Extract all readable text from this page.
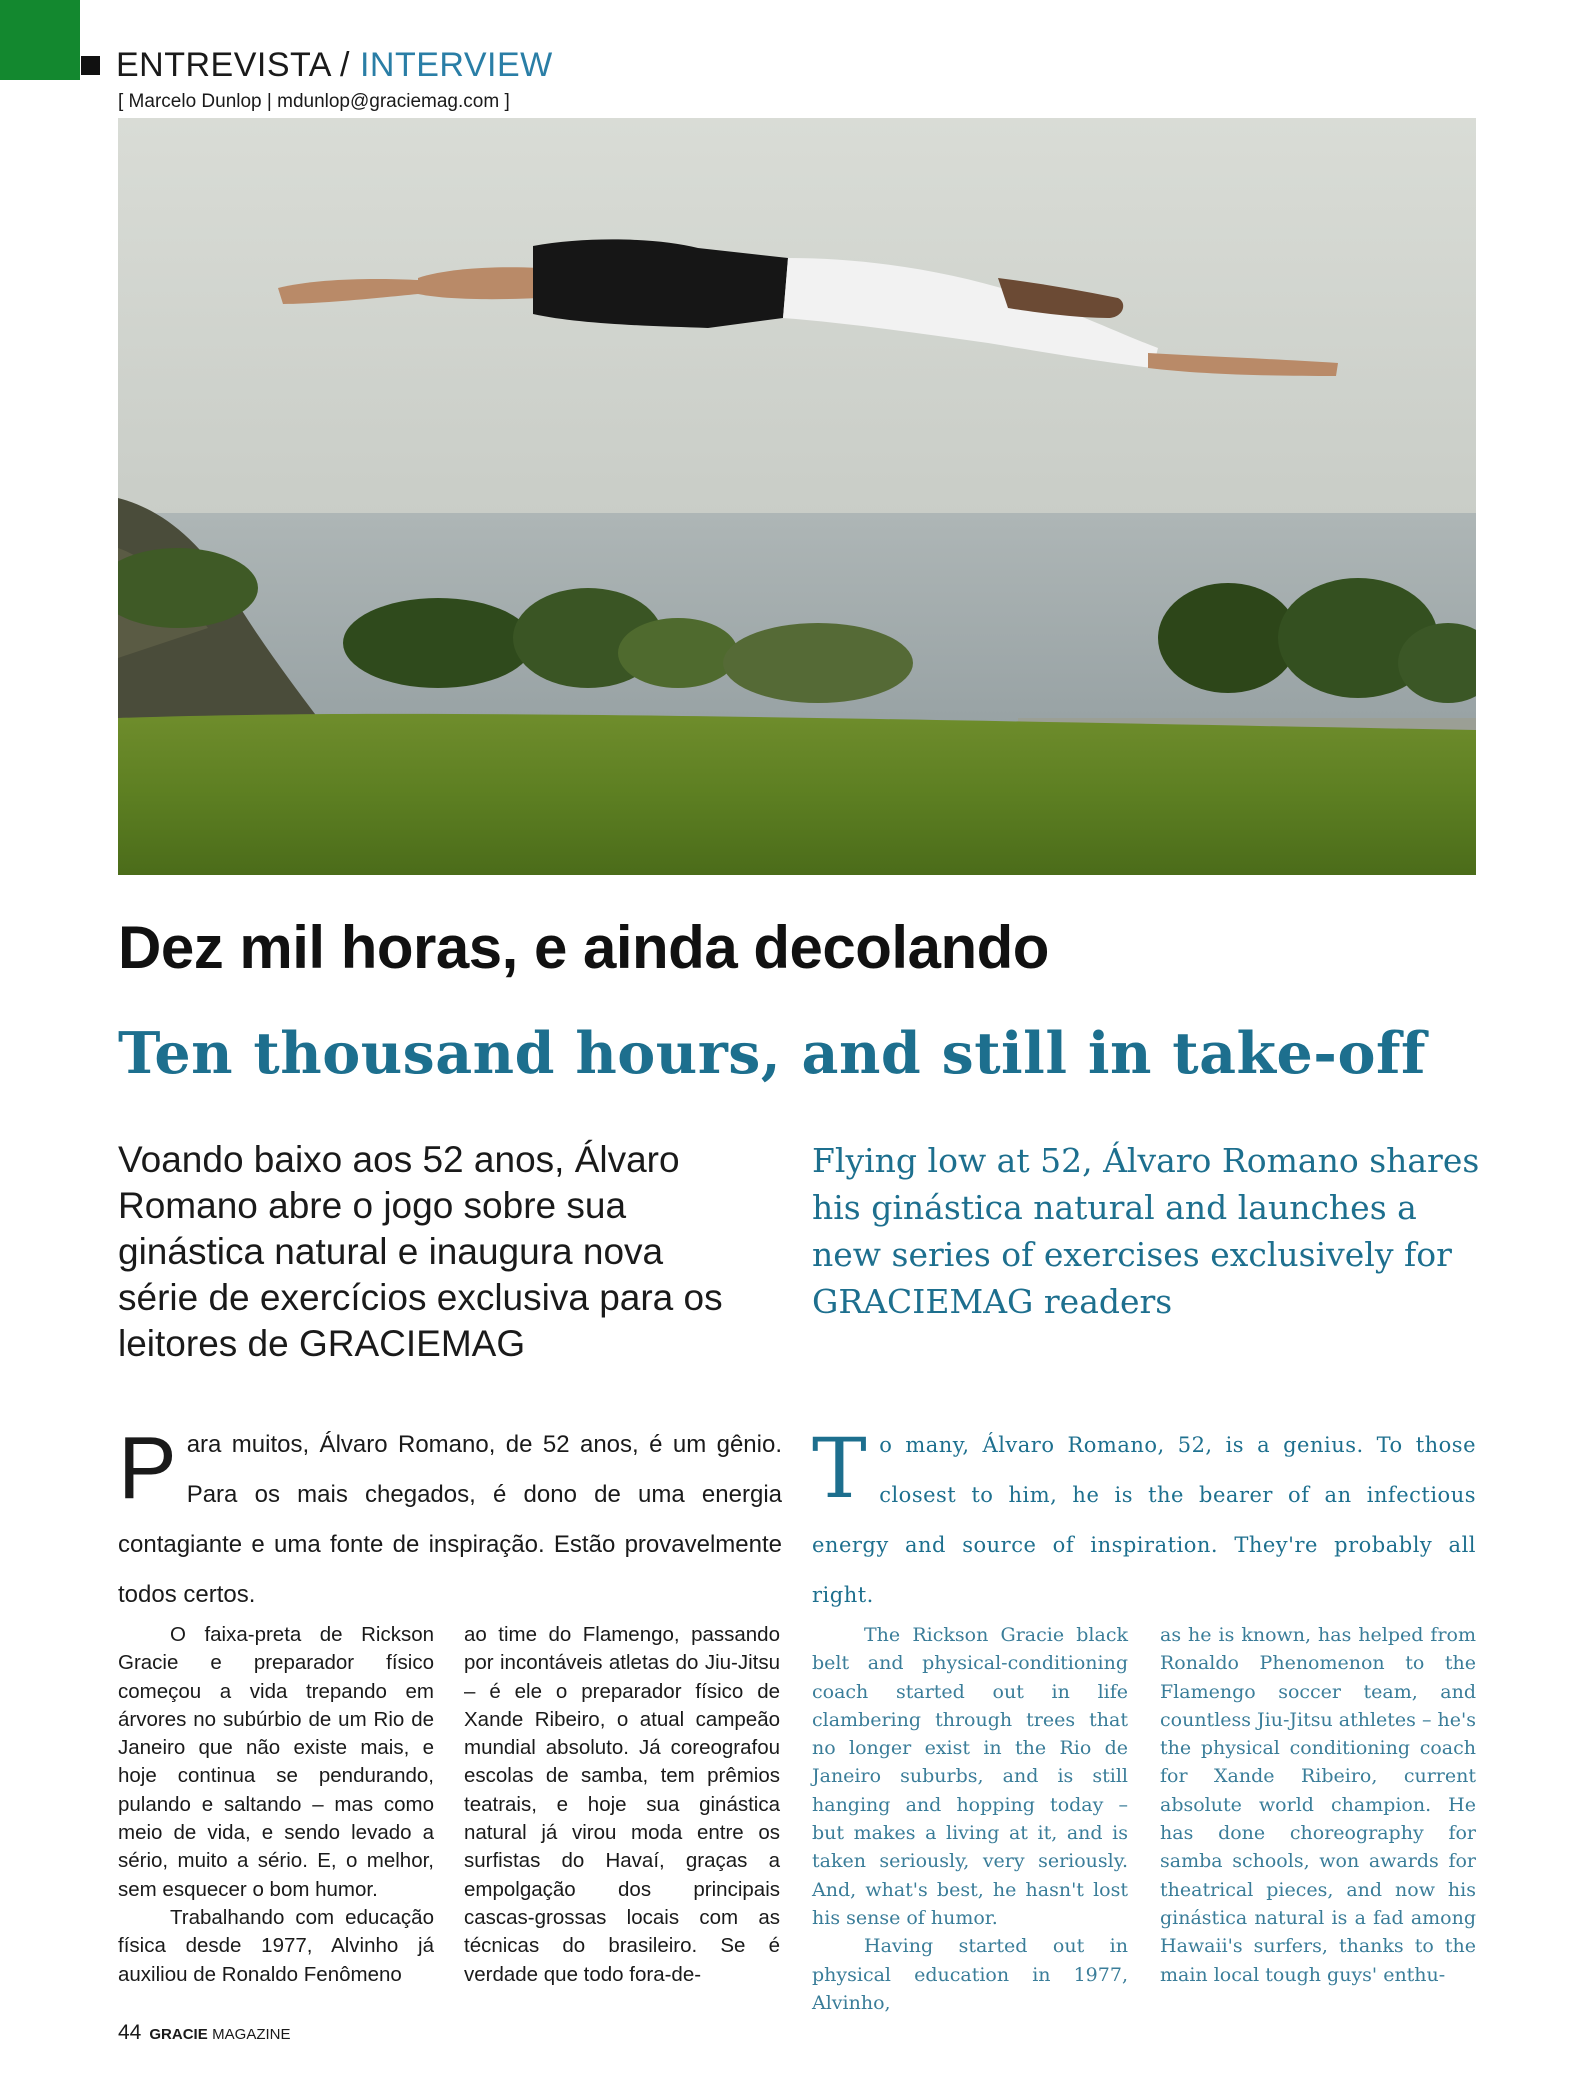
ENTREVISTA / INTERVIEW
[ Marcelo Dunlop | mdunlop@graciemag.com ]
Dez mil horas, e ainda decolando
Ten thousand hours, and still in take-off
Voando baixo aos 52 anos, Álvaro Romano abre o jogo sobre sua ginástica natural e inaugura nova série de exercícios exclusiva para os leitores de GRACIEMAG
Flying low at 52, Álvaro Romano shares his ginástica natural and launches a new series of exercises exclusively for GRACIEMAG readers
Para muitos, Álvaro Romano, de 52 anos, é um gênio. Para os mais chegados, é dono de uma energia contagiante e uma fonte de inspiração. Estão provavelmente todos certos.
To many, Álvaro Romano, 52, is a genius. To those closest to him, he is the bearer of an infectious energy and source of inspiration. They're probably all right.

O faixa-preta de Rickson Gracie e preparador físico começou a vida trepando em árvores no subúrbio de um Rio de Janeiro que não existe mais, e hoje continua se pendurando, pulando e saltando – mas como meio de vida, e sendo levado a sério, muito a sério. E, o melhor, sem esquecer o bom humor.

Trabalhando com educação física desde 1977, Alvinho já auxiliou de Ronaldo Fenômeno

ao time do Flamengo, passando por incontáveis atletas do Jiu-Jitsu – é ele o preparador físico de Xande Ribeiro, o atual campeão mundial absoluto. Já coreografou escolas de samba, tem prêmios teatrais, e hoje sua ginástica natural já virou moda entre os surfistas do Havaí, graças a empolgação dos principais cascas-grossas locais com as técnicas do brasileiro. Se é verdade que todo fora-de-

The Rickson Gracie black belt and physical-conditioning coach started out in life clambering through trees that no longer exist in the Rio de Janeiro suburbs, and is still hanging and hopping today – but makes a living at it, and is taken seriously, very seriously. And, what's best, he hasn't lost his sense of humor.

Having started out in physical education in 1977, Alvinho,

as he is known, has helped from Ronaldo Phenomenon to the Flamengo soccer team, and countless Jiu-Jitsu athletes – he's the physical conditioning coach for Xande Ribeiro, current absolute world champion. He has done choreography for samba schools, won awards for theatrical pieces, and now his ginástica natural is a fad among Hawaii's surfers, thanks to the main local tough guys' enthu-

44 GRACIE MAGAZINE
